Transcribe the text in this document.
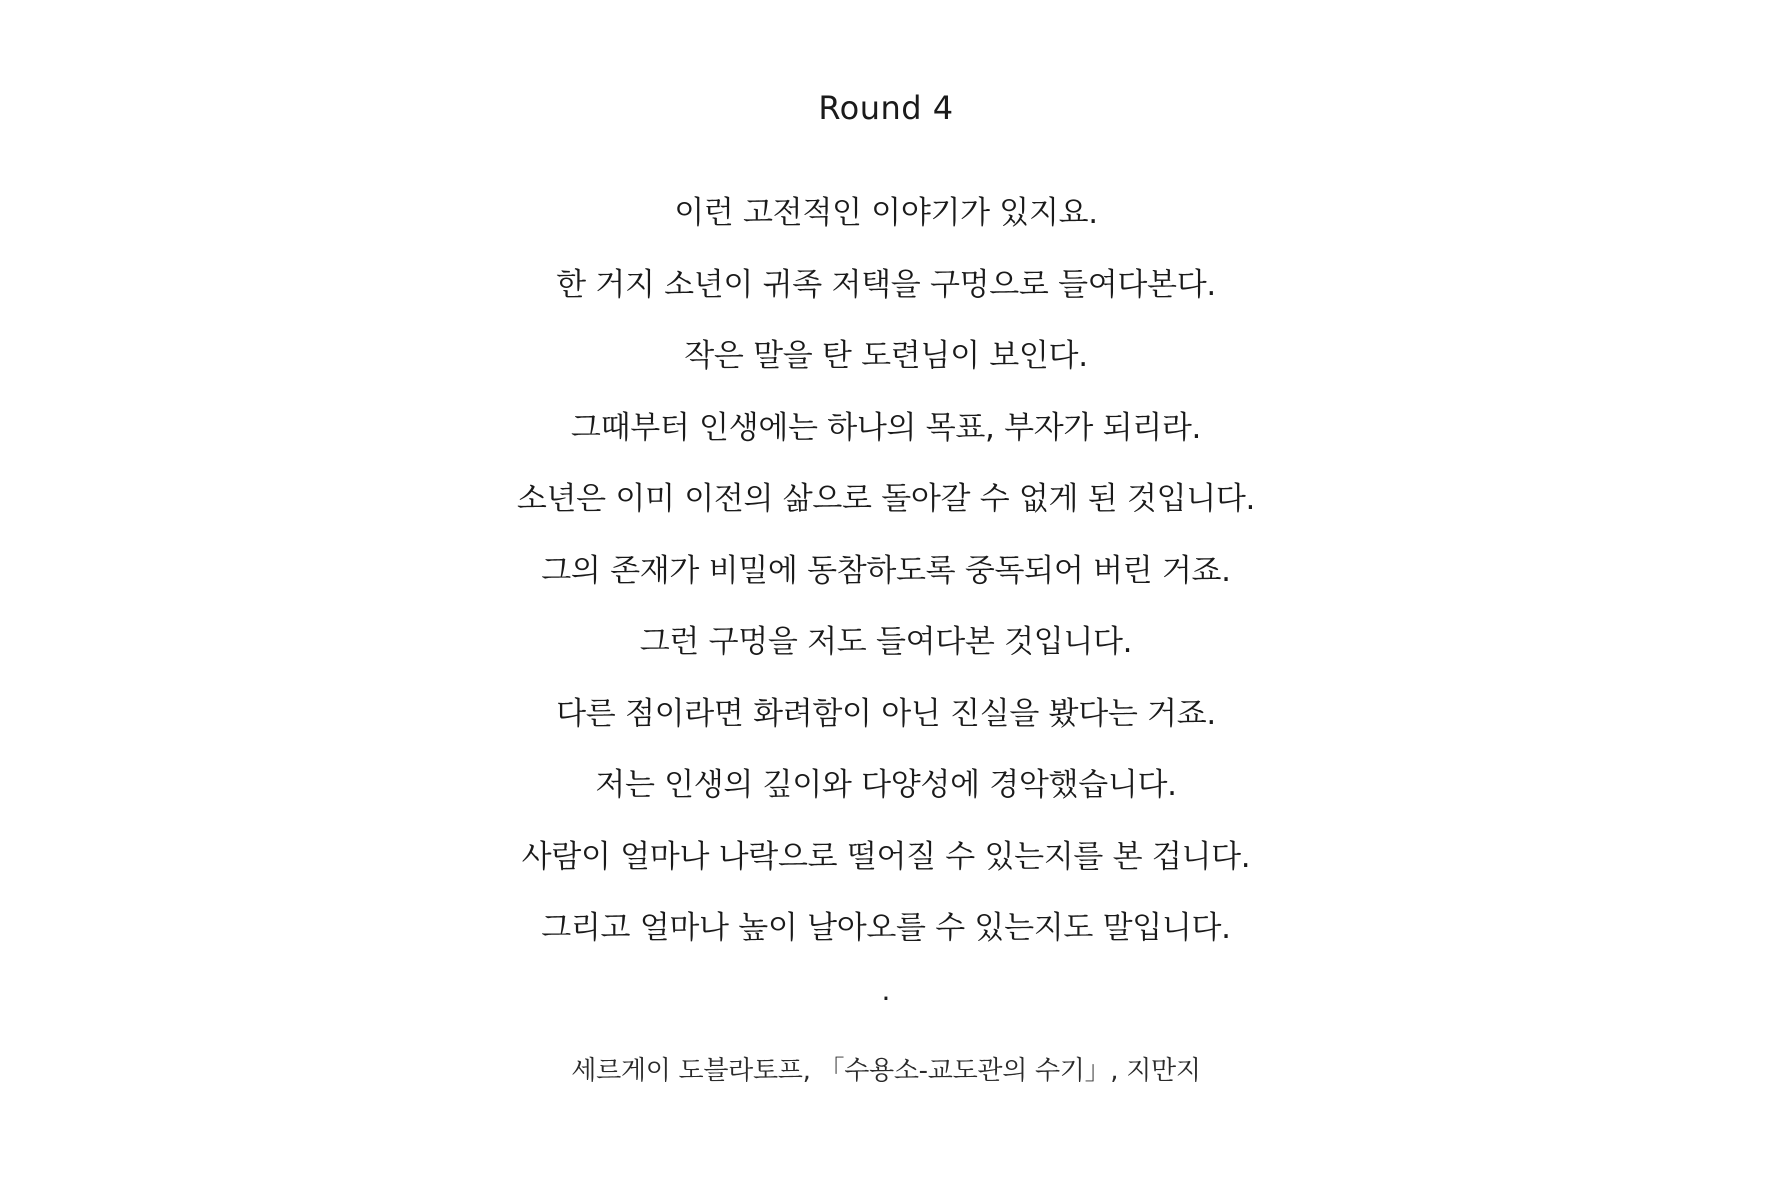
Round 4
이런 고전적인 이야기가 있지요.
한 거지 소년이 귀족 저택을 구멍으로 들여다본다.
작은 말을 탄 도련님이 보인다.
그때부터 인생에는 하나의 목표, 부자가 되리라.
소년은 이미 이전의 삶으로 돌아갈 수 없게 된 것입니다.
그의 존재가 비밀에 동참하도록 중독되어 버린 거죠.
그런 구멍을 저도 들여다본 것입니다.
다른 점이라면 화려함이 아닌 진실을 봤다는 거죠.
저는 인생의 깊이와 다양성에 경악했습니다.
사람이 얼마나 나락으로 떨어질 수 있는지를 본 겁니다.
그리고 얼마나 높이 날아오를 수 있는지도 말입니다.
·
세르게이 도블라토프, 「수용소-교도관의 수기」, 지만지
